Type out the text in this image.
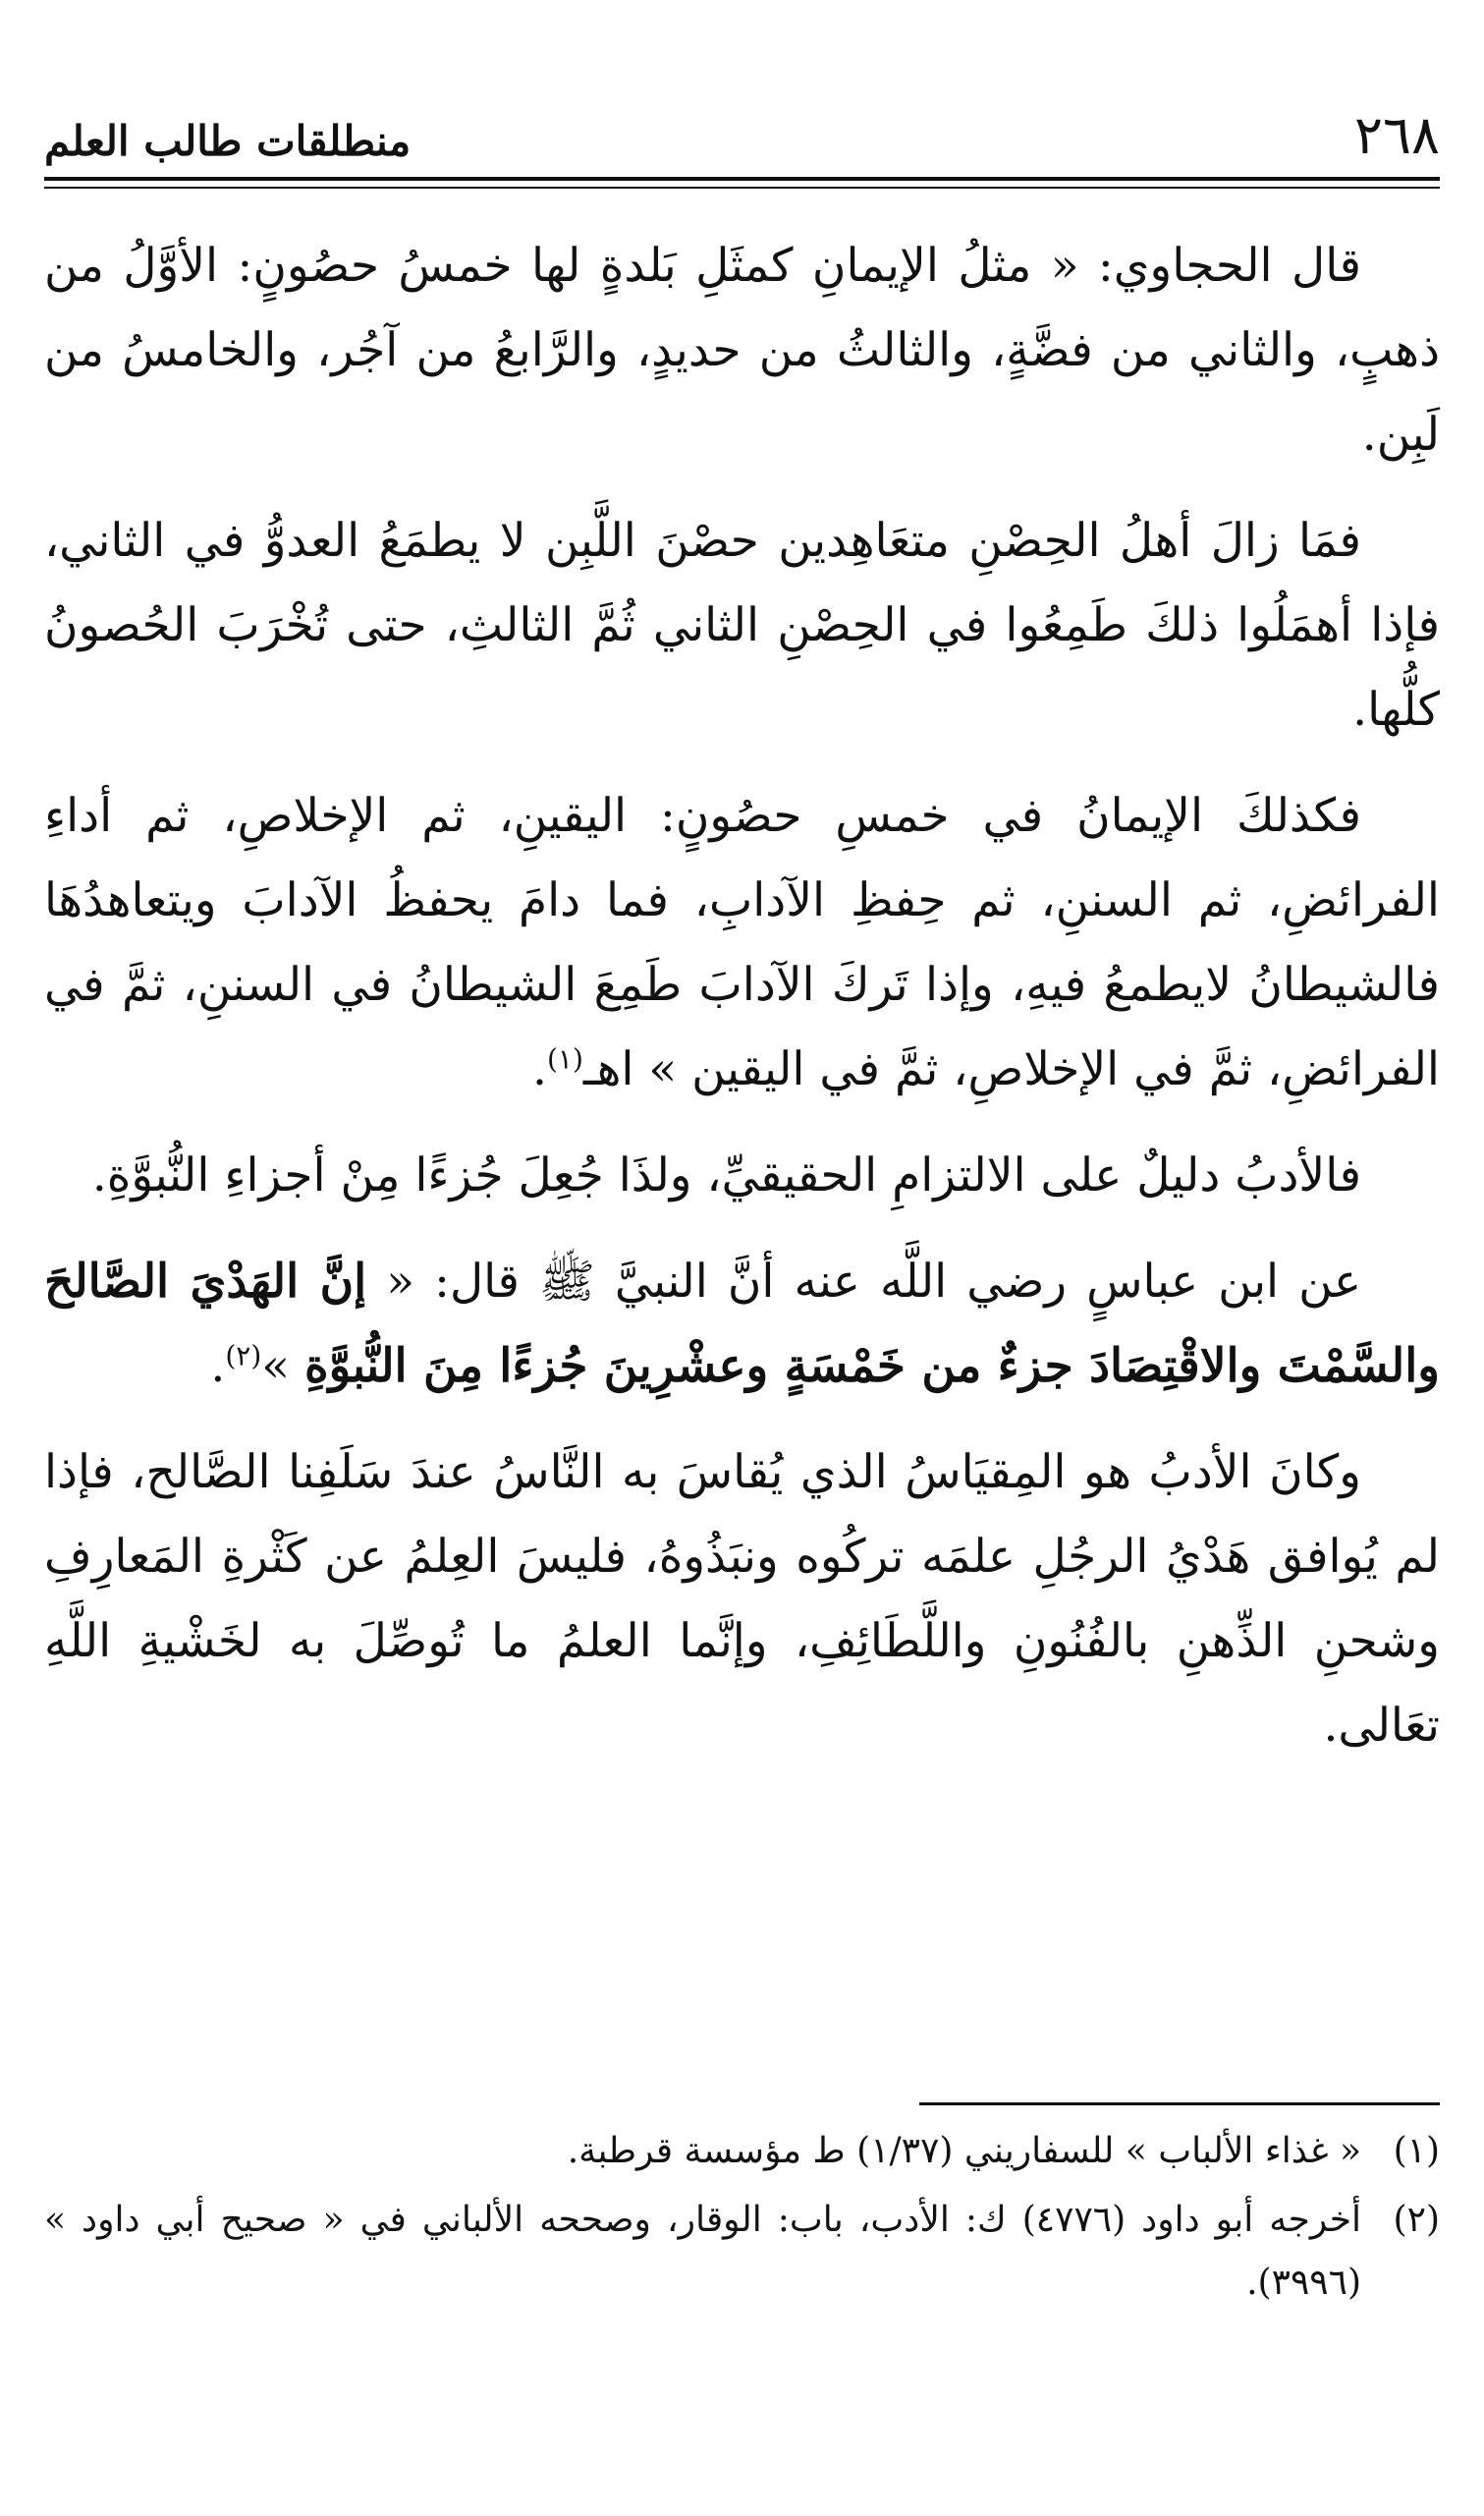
٢٦٨
منطلقات طالب العلم

قال الحجاوي: « مثلُ الإيمانِ كمثَلِ بَلدةٍ لها خمسُ حصُونٍ: الأوَّلُ من ذهبٍ، والثاني من فضَّةٍ، والثالثُ من حديدٍ، والرَّابعُ من آجُر، والخامسُ من لَبِن.

فمَا زالَ أهلُ الحِصْنِ متعَاهِدين حصْنَ اللَّبِن لا يطمَعُ العدوُّ في الثاني، فإذا أهمَلُوا ذلكَ طَمِعُوا في الحِصْنِ الثاني ثُمَّ الثالثِ، حتى تُخْرَبَ الحُصونُ كلُّها.

فكذلكَ الإيمانُ في خمسِ حصُونٍ: اليقينِ، ثم الإخلاصِ، ثم أداءِ الفرائضِ، ثم السننِ، ثم حِفظِ الآدابِ، فما دامَ يحفظُ الآدابَ ويتعاهدُهَا فالشيطانُ لايطمعُ فيهِ، وإذا تَركَ الآدابَ طَمِعَ الشيطانُ في السننِ، ثمَّ في الفرائضِ، ثمَّ في الإخلاصِ، ثمَّ في اليقين » اهـ$^{(١)}$.

فالأدبُ دليلٌ على الالتزامِ الحقيقيِّ، ولذَا جُعِلَ جُزءًا مِنْ أجزاءِ النُّبوَّةِ.

عن ابن عباسٍ رضي اللَّه عنه أنَّ النبيَّ ﷺ قال: « إنَّ الهَدْيَ الصَّالحَ والسَّمْتَ والاقْتِصَادَ جزءٌ من خَمْسَةٍ وعشْرِينَ جُزءًا مِنَ النُّبوَّةِ »$^{(٢)}$.

وكانَ الأدبُ هو المِقيَاسُ الذي يُقاسَ به النَّاسُ عندَ سَلَفِنا الصَّالح، فإذا لم يُوافق هَدْيُ الرجُلِ علمَه تركُوه ونبَذُوهُ، فليسَ العِلمُ عن كَثْرةِ المَعارِفِ وشحنِ الذِّهنِ بالفُنُونِ واللَّطَائِفِ، وإنَّما العلمُ ما تُوصِّلَ به لخَشْيةِ اللَّهِ تعَالى.

(١)« غذاء الألباب » للسفاريني (١/٣٧) ط مؤسسة قرطبة.

(٢)أخرجه أبو داود (٤٧٧٦) ك: الأدب، باب: الوقار، وصححه الألباني في « صحيح أبي داود » (٣٩٩٦).
